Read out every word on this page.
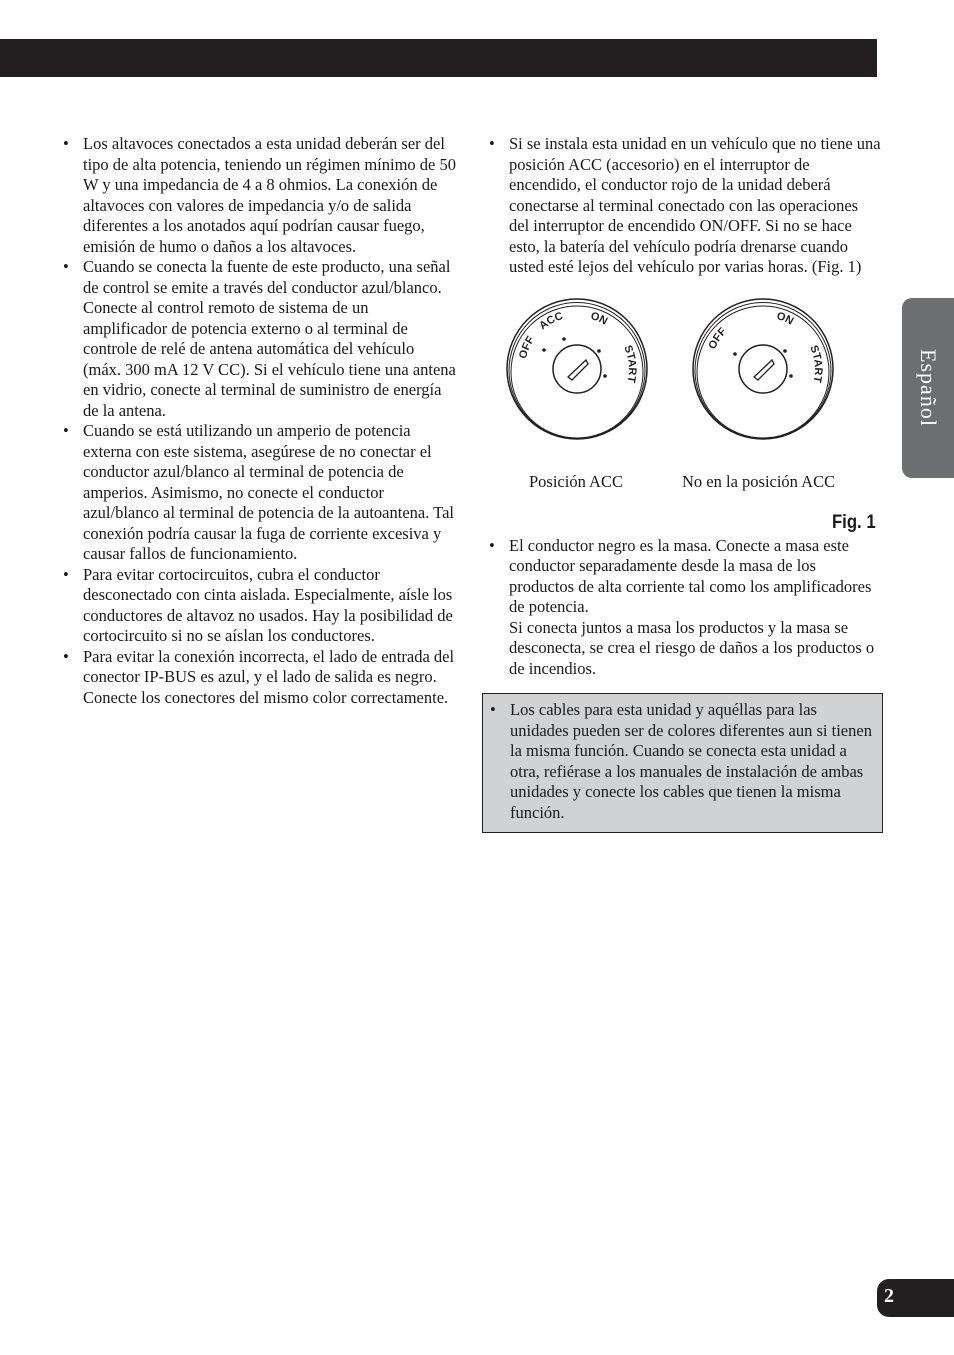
Español
• Los altavoces conectados a esta unidad deberán ser del tipo de alta potencia, teniendo un régimen mínimo de 50 W y una impedancia de 4 a 8 ohmios. La conexión de altavoces con valores de impedancia y/o de salida diferentes a los anotados aquí podrían causar fuego, emisión de humo o daños a los altavoces.
• Cuando se conecta la fuente de este producto, una señal de control se emite a través del conductor azul/blanco. Conecte al control remoto de sistema de un amplificador de potencia externo o al terminal de controle de relé de antena automática del vehículo (máx. 300 mA 12 V CC). Si el vehículo tiene una antena en vidrio, conecte al terminal de suministro de energía de la antena.
• Cuando se está utilizando un amperio de potencia externa con este sistema, asegúrese de no conectar el conductor azul/blanco al terminal de potencia de amperios. Asimismo, no conecte el conductor azul/blanco al terminal de potencia de la autoantena. Tal conexión podría causar la fuga de corriente excesiva y causar fallos de funcionamiento.
• Para evitar cortocircuitos, cubra el conductor desconectado con cinta aislada. Especialmente, aísle los conductores de altavoz no usados. Hay la posibilidad de cortocircuito si no se aíslan los conductores.
• Para evitar la conexión incorrecta, el lado de entrada del conector IP-BUS es azul, y el lado de salida es negro. Conecte los conectores del mismo color correctamente.
• Si se instala esta unidad en un vehículo que no tiene una posición ACC (accesorio) en el interruptor de encendido, el conductor rojo de la unidad deberá conectarse al terminal conectado con las operaciones del interruptor de encendido ON/OFF. Si no se hace esto, la batería del vehículo podría drenarse cuando usted esté lejos del vehículo por varias horas. (Fig. 1)
OFF
ACC ON
START
OFF
ON
START
Posición ACC	No en la posición ACC
Fig. 1
• El conductor negro es la masa. Conecte a masa este conductor separadamente desde la masa de los productos de alta corriente tal como los amplificadores de potencia.
Si conecta juntos a masa los productos y la masa se desconecta, se crea el riesgo de daños a los productos o de incendios.
• Los cables para esta unidad y aquéllas para las unidades pueden ser de colores diferentes aun si tienen la misma función. Cuando se conecta esta unidad a otra, refiérase a los manuales de instalación de ambas unidades y conecte los cables que tienen la misma función.
2
